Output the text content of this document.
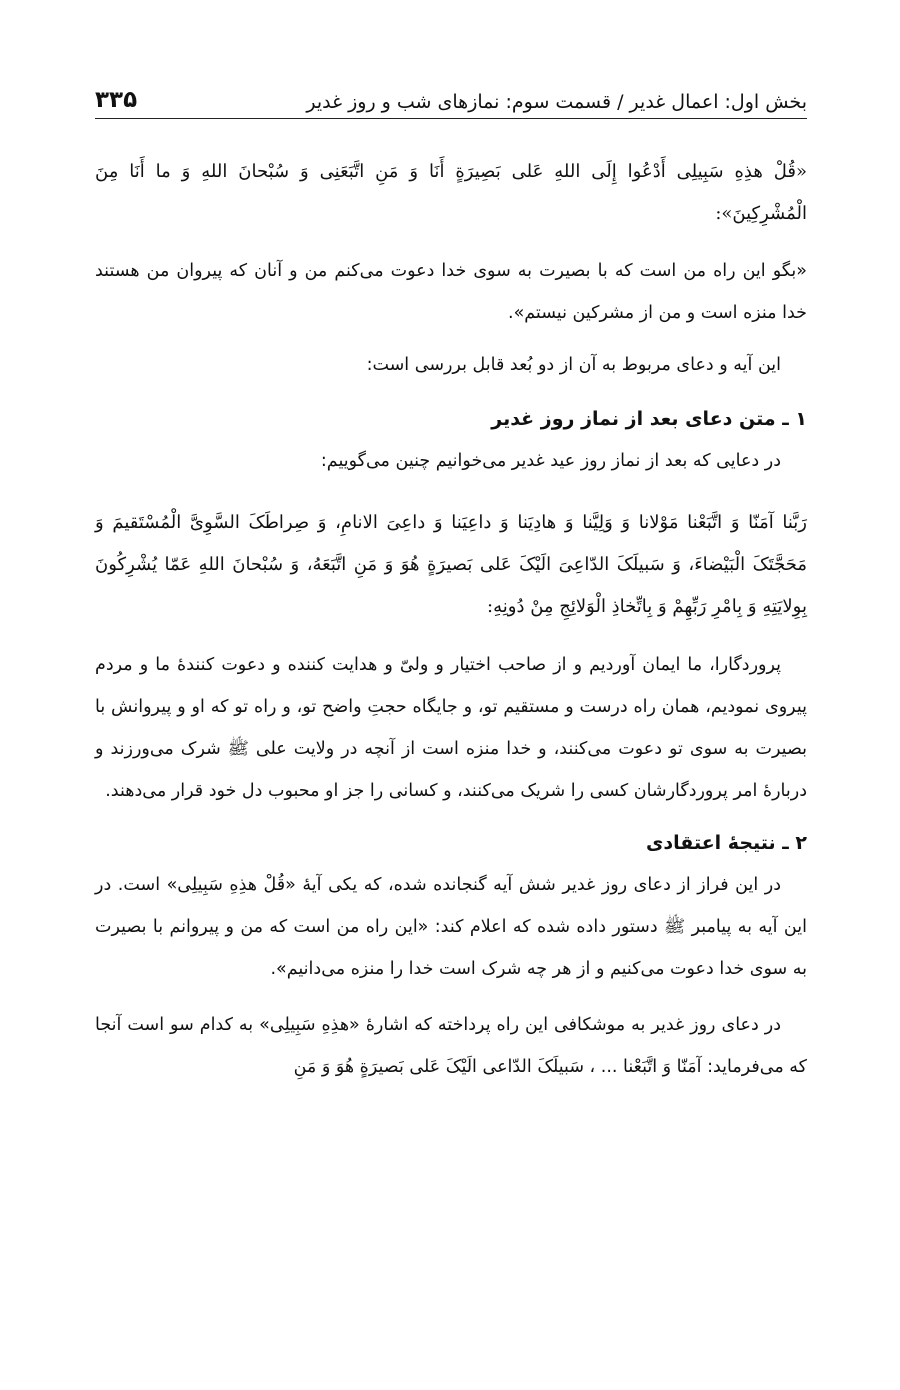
بخش اول: اعمال غدیر / قسمت سوم: نمازهای شب و روز غدیر
۳۳۵

«قُلْ هذِهِ سَبِیلِی أَدْعُوا إِلَی اللهِ عَلی بَصِیرَةٍ أَنَا وَ مَنِ اتَّبَعَنِی وَ سُبْحانَ اللهِ وَ ما أَنَا مِنَ الْمُشْرِکِینَ»:

«بگو این راه من است که با بصیرت به سوی خدا دعوت می‌کنم من و آنان که پیروان من هستند خدا منزه است و من از مشرکین نیستم».

این آیه و دعای مربوط به آن از دو بُعد قابل بررسی است:

۱ ـ متن دعای بعد از نماز روز غدیر

در دعایی که بعد از نماز روز عید غدیر می‌خوانیم چنین می‌گوییم:

رَبَّنا آمَنّا وَ اتَّبَعْنا مَوْلانا وَ وَلِیَّنا وَ هادِیَنا وَ داعِیَنا وَ داعِیَ الانامِ، وَ صِراطَکَ السَّوِیَّ الْمُسْتَقیمَ وَ مَحَجَّتَکَ الْبَیْضاءَ، وَ سَبیلَکَ الدّاعِیَ الَیْکَ عَلی بَصیرَةٍ هُوَ وَ مَنِ اتَّبَعَهُ، وَ سُبْحانَ اللهِ عَمّا یُشْرِکُونَ بِوِلایَتِهِ وَ بِامْرِ رَبِّهِمْ وَ بِاتِّخاذِ الْوَلائِجِ مِنْ دُونِهِ:

پروردگارا، ما ایمان آوردیم و از صاحب اختیار و ولیّ و هدایت کننده و دعوت کنندهٔ ما و مردم پیروی نمودیم، همان راه درست و مستقیم تو، و جایگاه حجتِ واضح تو، و راه تو که او و پیروانش با بصیرت به سوی تو دعوت می‌کنند، و خدا منزه است از آنچه در ولایت علی ﷺ شرک می‌ورزند و دربارهٔ امر پروردگارشان کسی را شریک می‌کنند، و کسانی را جز او محبوب دل خود قرار می‌دهند.

۲ ـ نتیجهٔ اعتقادی

در این فراز از دعای روز غدیر شش آیه گنجانده شده، که یکی آیهٔ «قُلْ هذِهِ سَبِیلِی» است. در این آیه به پیامبر ﷺ دستور داده شده که اعلام کند: «این راه من است که من و پیروانم با بصیرت به سوی خدا دعوت می‌کنیم و از هر چه شرک است خدا را منزه می‌دانیم».

در دعای روز غدیر به موشکافی این راه پرداخته که اشارهٔ «هذِهِ سَبِیلِی» به کدام سو است آنجا که می‌فرماید: آمَنّا وَ اتَّبَعْنا ... ، سَبیلَکَ الدّاعی الَیْکَ عَلی بَصیرَةٍ هُوَ وَ مَنِ
